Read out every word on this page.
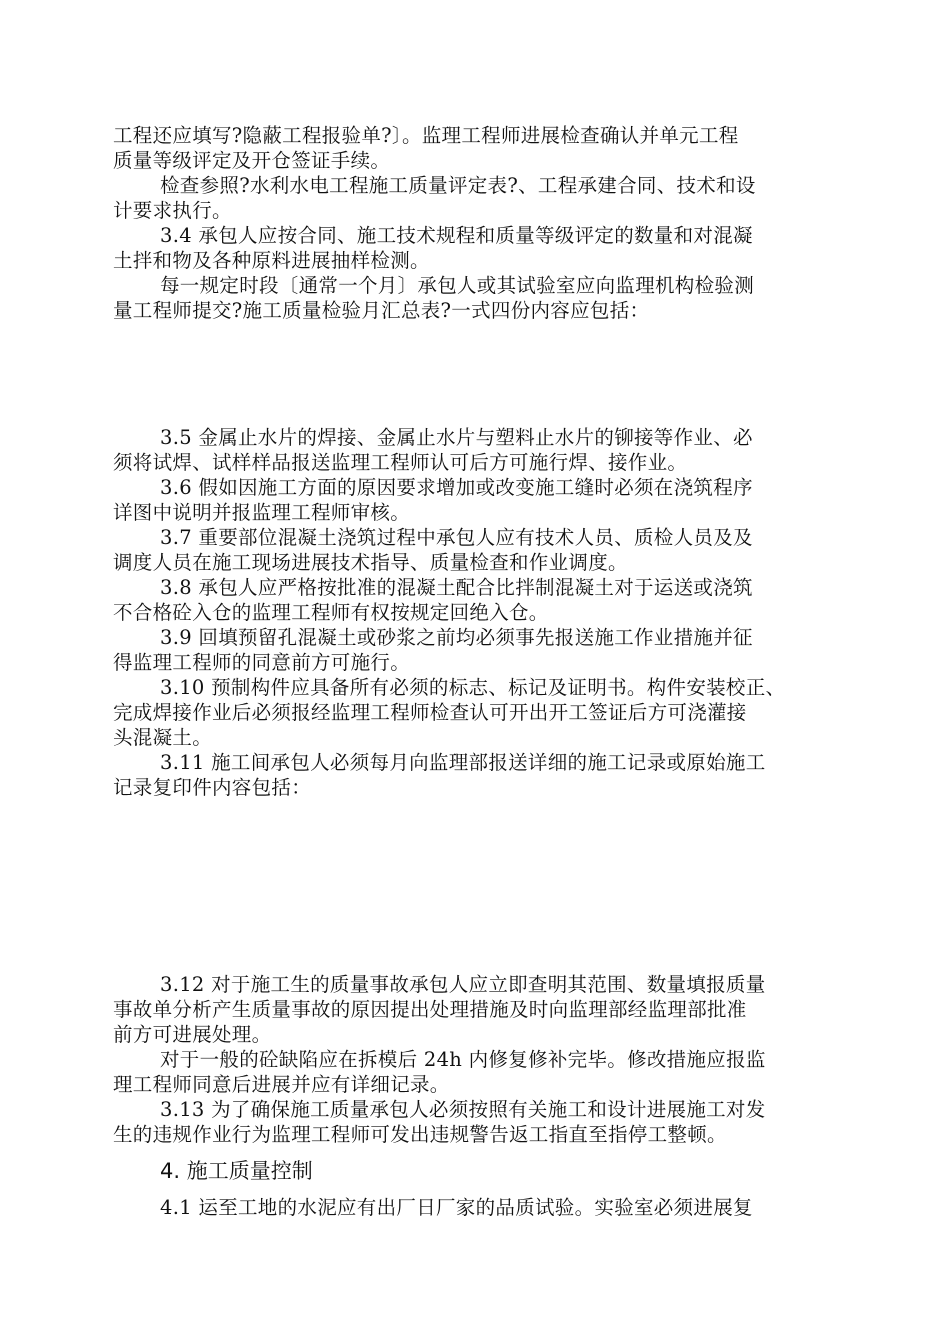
工程还应填写?隐蔽工程报验单?〕。监理工程师进展检查确认并单元工程
质量等级评定及开仓签证手续。
检查参照?水利水电工程施工质量评定表?、工程承建合同、技术和设
计要求执行。
3.4 承包人应按合同、施工技术规程和质量等级评定的数量和对混凝
土拌和物及各种原料进展抽样检测。
每一规定时段〔通常一个月〕承包人或其试验室应向监理机构检验测
量工程师提交?施工质量检验月汇总表?一式四份内容应包括：
3.5 金属止水片的焊接、金属止水片与塑料止水片的铆接等作业、必
须将试焊、试样样品报送监理工程师认可后方可施行焊、接作业。
3.6 假如因施工方面的原因要求增加或改变施工缝时必须在浇筑程序
详图中说明并报监理工程师审核。
3.7 重要部位混凝土浇筑过程中承包人应有技术人员、质检人员及及
调度人员在施工现场进展技术指导、质量检查和作业调度。
3.8 承包人应严格按批准的混凝土配合比拌制混凝土对于运送或浇筑
不合格砼入仓的监理工程师有权按规定回绝入仓。
3.9 回填预留孔混凝土或砂浆之前均必须事先报送施工作业措施并征
得监理工程师的同意前方可施行。
3.10 预制构件应具备所有必须的标志、标记及证明书。构件安装校正、
完成焊接作业后必须报经监理工程师检查认可开出开工签证后方可浇灌接
头混凝土。
3.11 施工间承包人必须每月向监理部报送详细的施工记录或原始施工
记录复印件内容包括：
3.12 对于施工生的质量事故承包人应立即查明其范围、数量填报质量
事故单分析产生质量事故的原因提出处理措施及时向监理部经监理部批准
前方可进展处理。
对于一般的砼缺陷应在拆模后 24h 内修复修补完毕。修改措施应报监
理工程师同意后进展并应有详细记录。
3.13 为了确保施工质量承包人必须按照有关施工和设计进展施工对发
生的违规作业行为监理工程师可发出违规警告返工指直至指停工整顿。
4. 施工质量控制
4.1 运至工地的水泥应有出厂日厂家的品质试验。实验室必须进展复
